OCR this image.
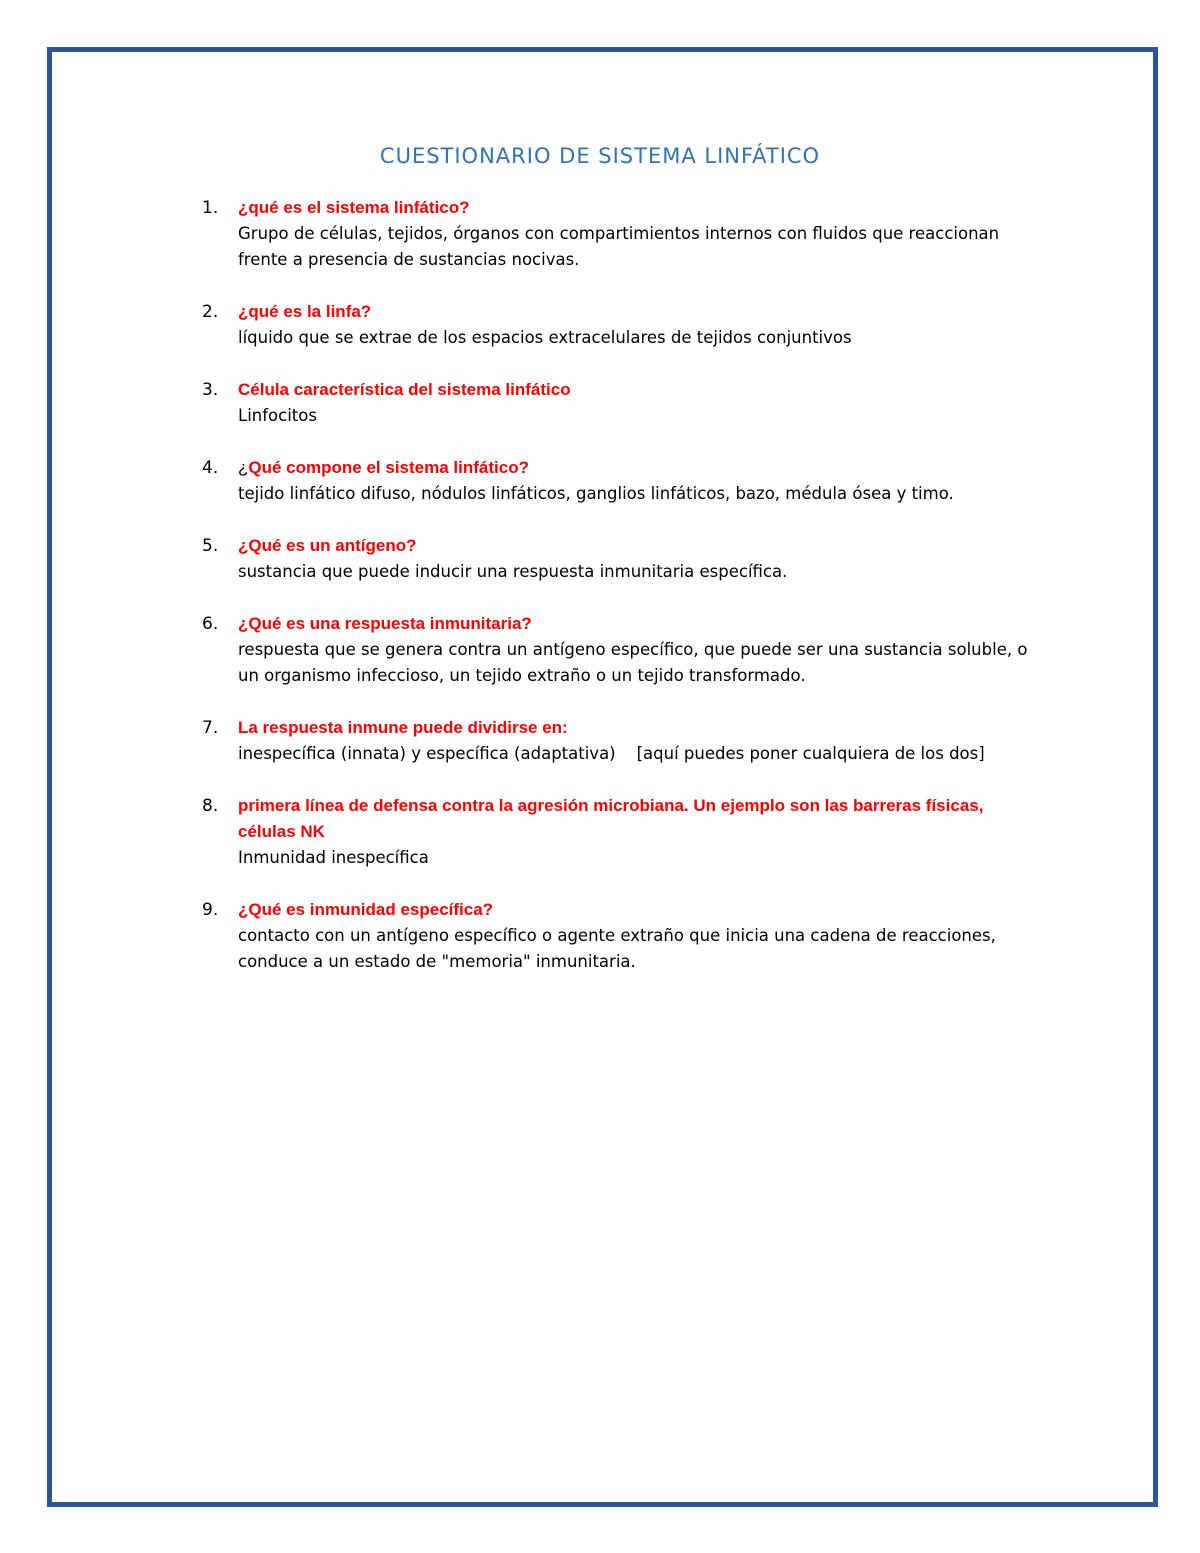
CUESTIONARIO DE SISTEMA LINFÁTICO
1. ¿qué es el sistema linfático?
Grupo de células, tejidos, órganos con compartimientos internos con fluidos que reaccionan frente a presencia de sustancias nocivas.
2. ¿qué es la linfa?
líquido que se extrae de los espacios extracelulares de tejidos conjuntivos
3. Célula característica del sistema linfático
Linfocitos
4. ¿Qué compone el sistema linfático?
tejido linfático difuso, nódulos linfáticos, ganglios linfáticos, bazo, médula ósea y timo.
5. ¿Qué es un antígeno?
sustancia que puede inducir una respuesta inmunitaria específica.
6. ¿Qué es una respuesta inmunitaria?
respuesta que se genera contra un antígeno específico, que puede ser una sustancia soluble, o un organismo infeccioso, un tejido extraño o un tejido transformado.
7. La respuesta inmune puede dividirse en:
inespecífica (innata) y específica (adaptativa)    [aquí puedes poner cualquiera de los dos]
8. primera línea de defensa contra la agresión microbiana. Un ejemplo son las barreras físicas, células NK
Inmunidad inespecífica
9. ¿Qué es inmunidad específica?
contacto con un antígeno específico o agente extraño que inicia una cadena de reacciones, conduce a un estado de "memoria" inmunitaria.
